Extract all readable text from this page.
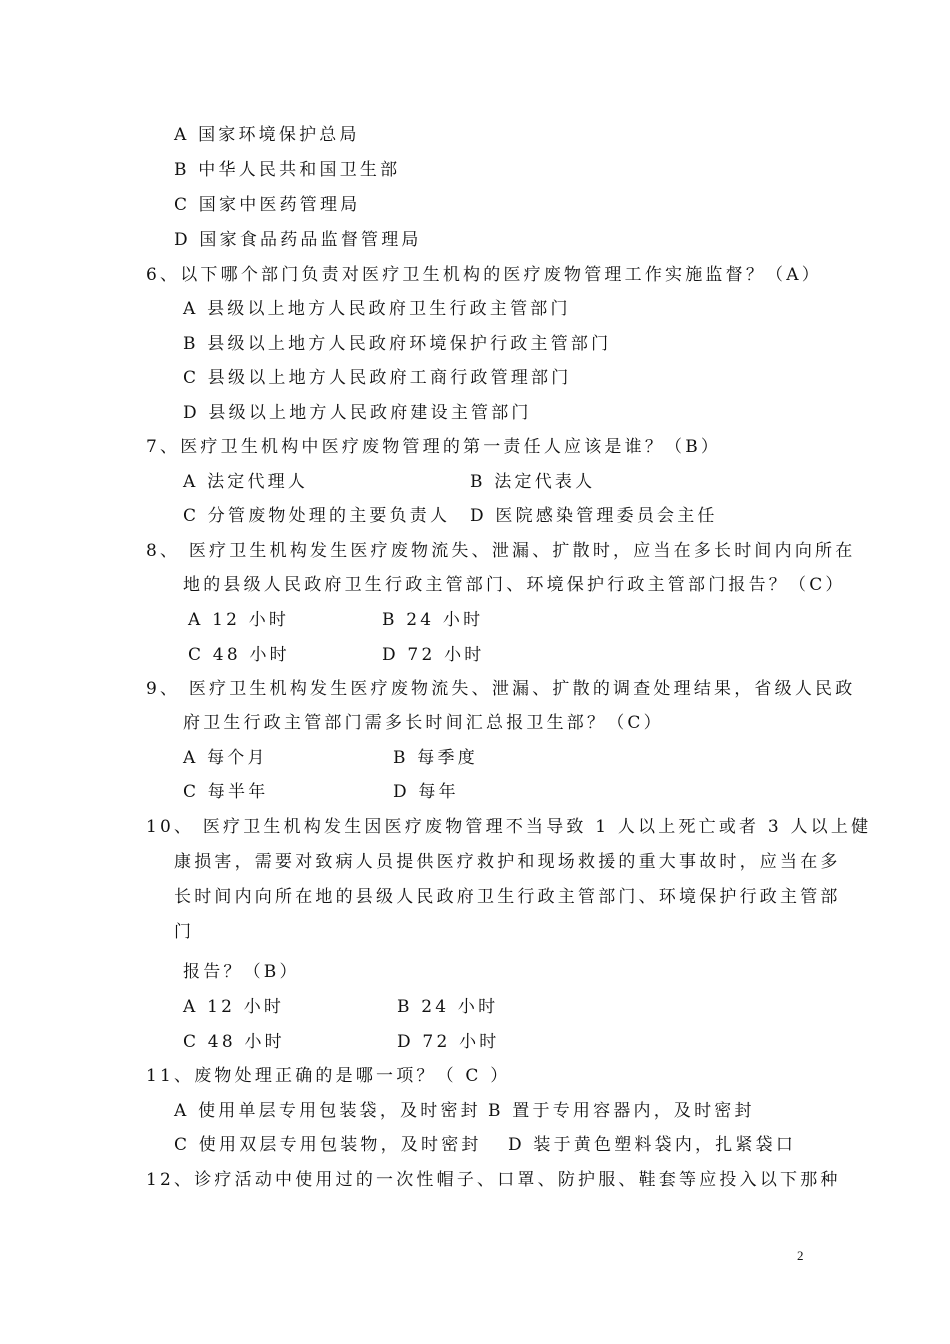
A 国家环境保护总局
B 中华人民共和国卫生部
C 国家中医药管理局
D 国家食品药品监督管理局
6、以下哪个部门负责对医疗卫生机构的医疗废物管理工作实施监督？（A）
A 县级以上地方人民政府卫生行政主管部门
B 县级以上地方人民政府环境保护行政主管部门
C 县级以上地方人民政府工商行政管理部门
D 县级以上地方人民政府建设主管部门
7、医疗卫生机构中医疗废物管理的第一责任人应该是谁？（B）
A 法定代理人	B 法定代表人
C 分管废物处理的主要负责人 D 医院感染管理委员会主任
8、 医疗卫生机构发生医疗废物流失、泄漏、扩散时，应当在多长时间内向所在
地的县级人民政府卫生行政主管部门、环境保护行政主管部门报告？（C）
A 12 小时	B 24 小时
C 48 小时	D 72 小时
9、 医疗卫生机构发生医疗废物流失、泄漏、扩散的调查处理结果，省级人民政
府卫生行政主管部门需多长时间汇总报卫生部？（C）
A 每个月	B 每季度
C 每半年	D 每年
10、 医疗卫生机构发生因医疗废物管理不当导致 1 人以上死亡或者 3 人以上健
康损害，需要对致病人员提供医疗救护和现场救援的重大事故时，应当在多
长时间内向所在地的县级人民政府卫生行政主管部门、环境保护行政主管部
门
报告？（B）
A 12 小时	B 24 小时
C 48 小时	D 72 小时
11、废物处理正确的是哪一项？（ C ）
A 使用单层专用包装袋，及时密封 B 置于专用容器内，及时密封
C 使用双层专用包装物，及时密封 D 装于黄色塑料袋内，扎紧袋口
12、诊疗活动中使用过的一次性帽子、口罩、防护服、鞋套等应投入以下那种
2
